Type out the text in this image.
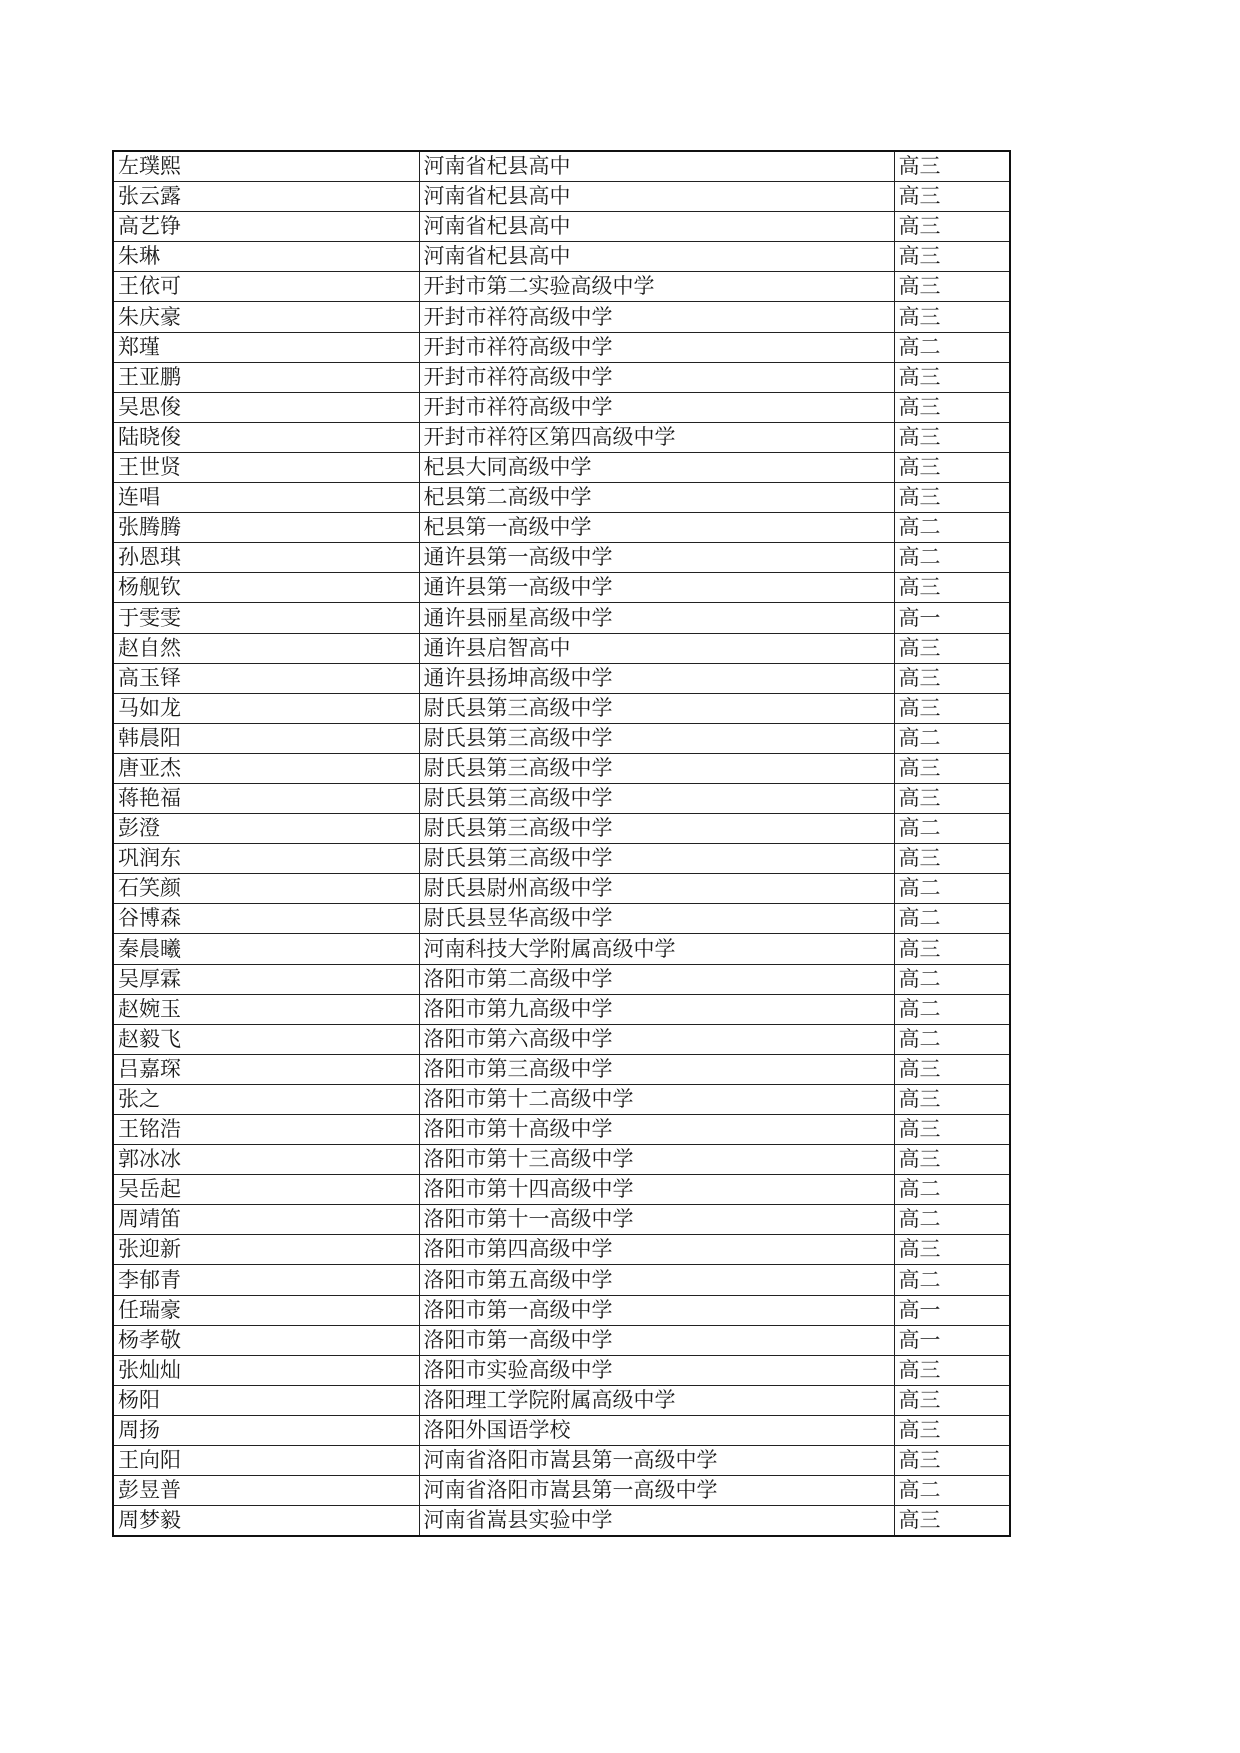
左璞熙	河南省杞县高中	高三
张云露	河南省杞县高中	高三
高艺铮	河南省杞县高中	高三
朱琳	河南省杞县高中	高三
王依可	开封市第二实验高级中学	高三
朱庆豪	开封市祥符高级中学	高三
郑瑾	开封市祥符高级中学	高二
王亚鹏	开封市祥符高级中学	高三
吴思俊	开封市祥符高级中学	高三
陆晓俊	开封市祥符区第四高级中学	高三
王世贤	杞县大同高级中学	高三
连唱	杞县第二高级中学	高三
张腾腾	杞县第一高级中学	高二
孙恩琪	通许县第一高级中学	高二
杨舰钦	通许县第一高级中学	高三
于雯雯	通许县丽星高级中学	高一
赵自然	通许县启智高中	高三
高玉铎	通许县扬坤高级中学	高三
马如龙	尉氏县第三高级中学	高三
韩晨阳	尉氏县第三高级中学	高二
唐亚杰	尉氏县第三高级中学	高三
蒋艳福	尉氏县第三高级中学	高三
彭澄	尉氏县第三高级中学	高二
巩润东	尉氏县第三高级中学	高三
石笑颜	尉氏县尉州高级中学	高二
谷博森	尉氏县昱华高级中学	高二
秦晨曦	河南科技大学附属高级中学	高三
吴厚霖	洛阳市第二高级中学	高二
赵婉玉	洛阳市第九高级中学	高二
赵毅飞	洛阳市第六高级中学	高二
吕嘉琛	洛阳市第三高级中学	高三
张之	洛阳市第十二高级中学	高三
王铭浩	洛阳市第十高级中学	高三
郭冰冰	洛阳市第十三高级中学	高三
吴岳起	洛阳市第十四高级中学	高二
周靖笛	洛阳市第十一高级中学	高二
张迎新	洛阳市第四高级中学	高三
李郁青	洛阳市第五高级中学	高二
任瑞豪	洛阳市第一高级中学	高一
杨孝敬	洛阳市第一高级中学	高一
张灿灿	洛阳市实验高级中学	高三
杨阳	洛阳理工学院附属高级中学	高三
周扬	洛阳外国语学校	高三
王向阳	河南省洛阳市嵩县第一高级中学	高三
彭昱普	河南省洛阳市嵩县第一高级中学	高二
周梦毅	河南省嵩县实验中学	高三
